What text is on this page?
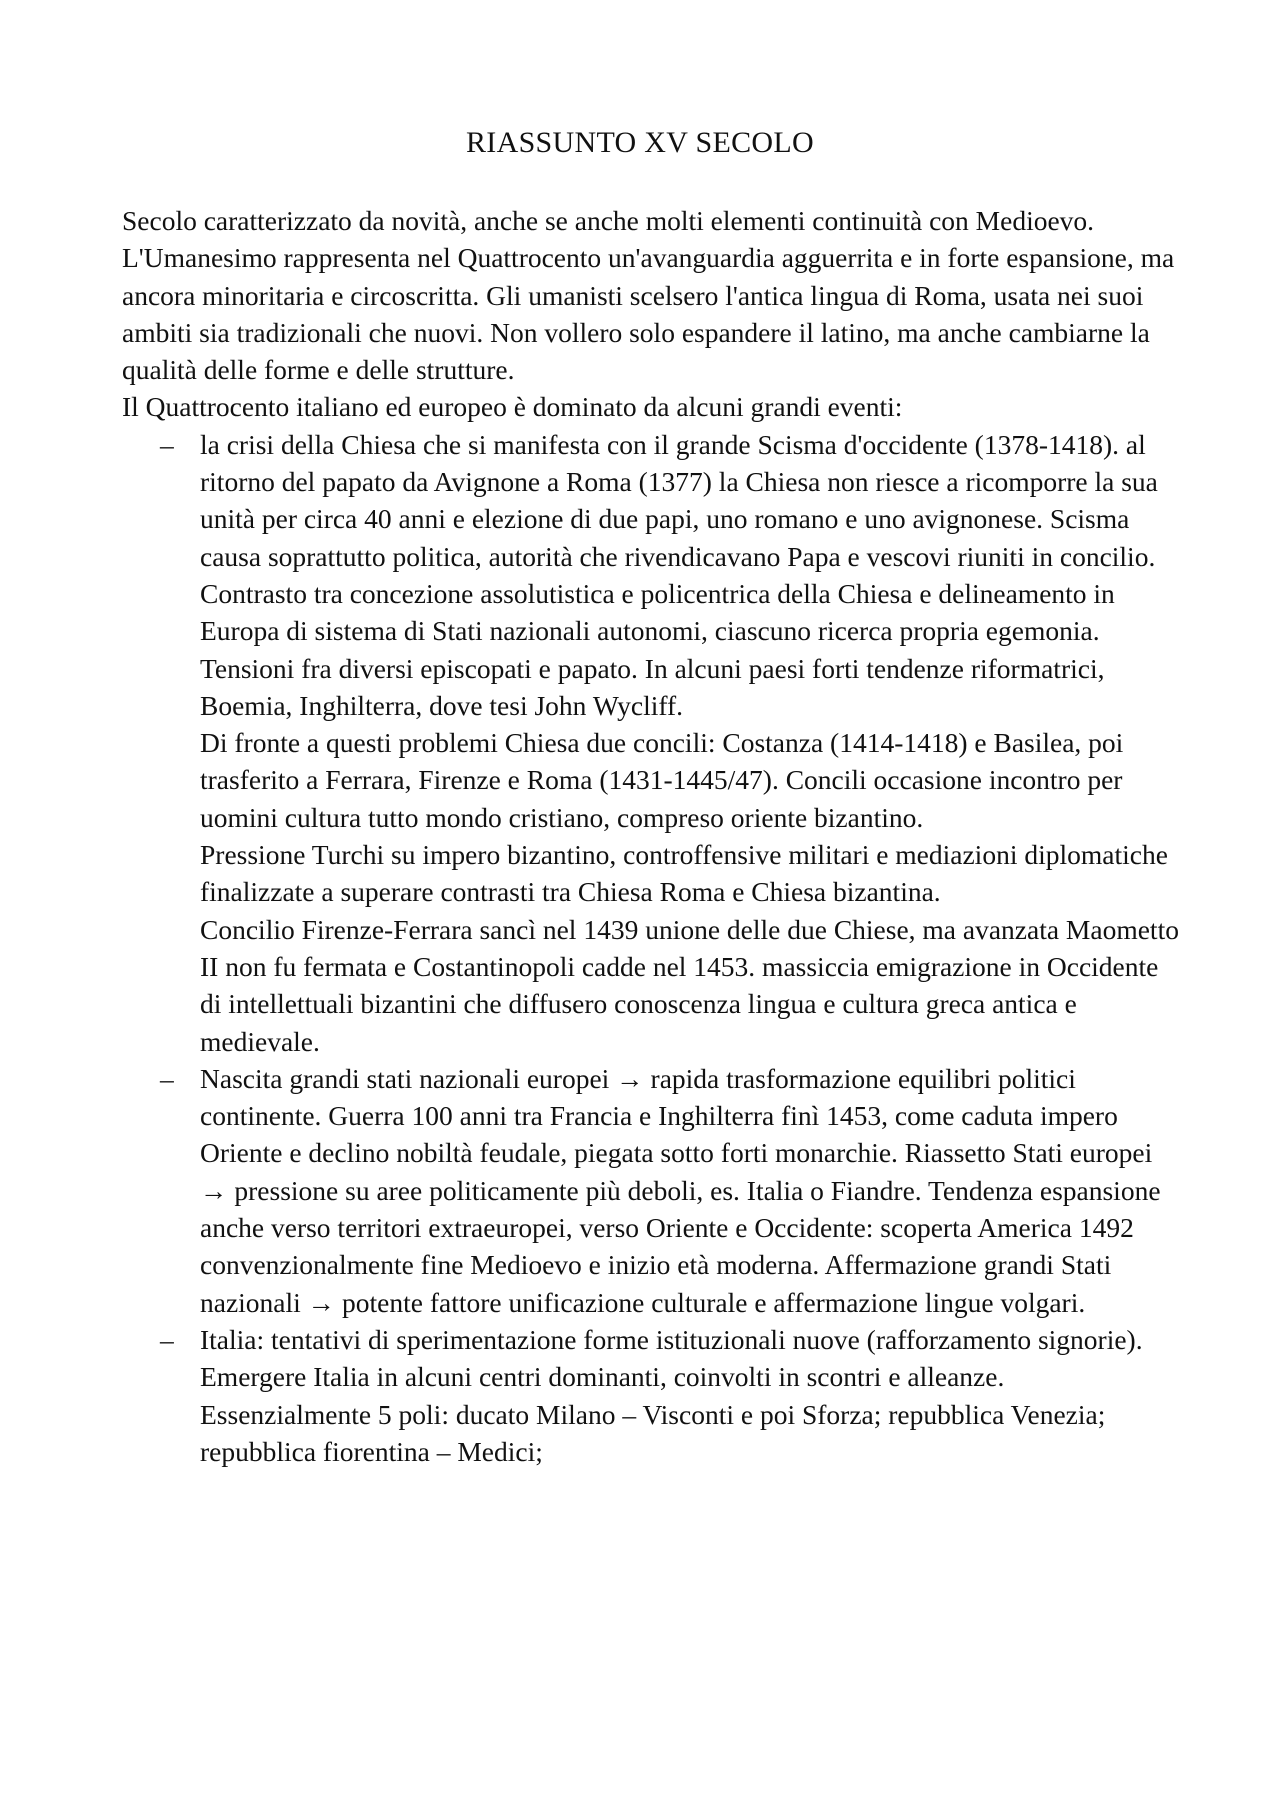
RIASSUNTO XV SECOLO

Secolo caratterizzato da novità, anche se anche molti elementi continuità con Medioevo. L'Umanesimo rappresenta nel Quattrocento un'avanguardia agguerrita e in forte espansione, ma ancora minoritaria e circoscritta. Gli umanisti scelsero l'antica lingua di Roma, usata nei suoi ambiti sia tradizionali che nuovi. Non vollero solo espandere il latino, ma anche cambiarne la qualità delle forme e delle strutture.

Il Quattrocento italiano ed europeo è dominato da alcuni grandi eventi:

– la crisi della Chiesa che si manifesta con il grande Scisma d'occidente (1378-1418). al ritorno del papato da Avignone a Roma (1377) la Chiesa non riesce a ricomporre la sua unità per circa 40 anni e elezione di due papi, uno romano e uno avignonese. Scisma causa soprattutto politica, autorità che rivendicavano Papa e vescovi riuniti in concilio. Contrasto tra concezione assolutistica e policentrica della Chiesa e delineamento in Europa di sistema di Stati nazionali autonomi, ciascuno ricerca propria egemonia. Tensioni fra diversi episcopati e papato. In alcuni paesi forti tendenze riformatrici, Boemia, Inghilterra, dove tesi John Wycliff.

Di fronte a questi problemi Chiesa due concili: Costanza (1414-1418) e Basilea, poi trasferito a Ferrara, Firenze e Roma (1431-1445/47). Concili occasione incontro per uomini cultura tutto mondo cristiano, compreso oriente bizantino.

Pressione Turchi su impero bizantino, controffensive militari e mediazioni diplomatiche finalizzate a superare contrasti tra Chiesa Roma e Chiesa bizantina.

Concilio Firenze-Ferrara sancì nel 1439 unione delle due Chiese, ma avanzata Maometto II non fu fermata e Costantinopoli cadde nel 1453. massiccia emigrazione in Occidente di intellettuali bizantini che diffusero conoscenza lingua e cultura greca antica e medievale.

– Nascita grandi stati nazionali europei → rapida trasformazione equilibri politici continente. Guerra 100 anni tra Francia e Inghilterra finì 1453, come caduta impero Oriente e declino nobiltà feudale, piegata sotto forti monarchie. Riassetto Stati europei → pressione su aree politicamente più deboli, es. Italia o Fiandre. Tendenza espansione anche verso territori extraeuropei, verso Oriente e Occidente: scoperta America 1492 convenzionalmente fine Medioevo e inizio età moderna. Affermazione grandi Stati nazionali → potente fattore unificazione culturale e affermazione lingue volgari.

– Italia: tentativi di sperimentazione forme istituzionali nuove (rafforzamento signorie). Emergere Italia in alcuni centri dominanti, coinvolti in scontri e alleanze. Essenzialmente 5 poli: ducato Milano – Visconti e poi Sforza; repubblica Venezia; repubblica fiorentina – Medici;
